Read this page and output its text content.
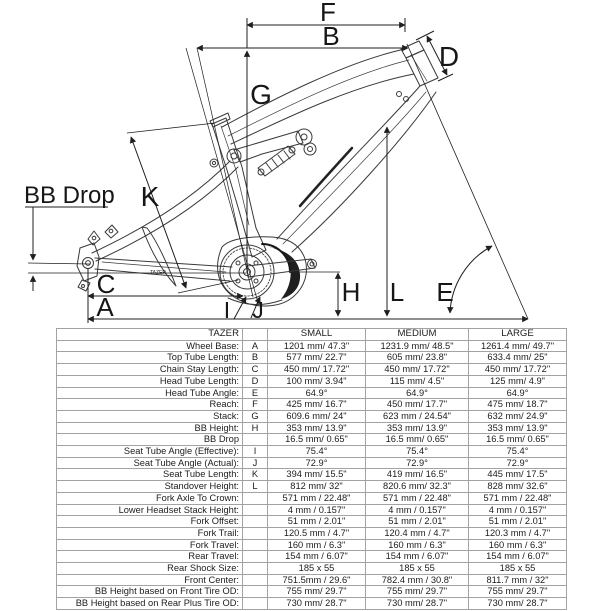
TAZER
F
B
G
D
K
BB Drop
C
A	I J
H L E
TAZER		SMALL	MEDIUM	LARGE
Wheel Base:	A	1201 mm/ 47.3"	1231.9 mm/ 48.5"	1261.4 mm/ 49.7"
Top Tube Length:	B	577 mm/ 22.7"	605 mm/ 23.8"	633.4 mm/ 25"
Chain Stay Length:	C	450 mm/ 17.72"	450 mm/ 17.72"	450 mm/ 17.72"
Head Tube Length:	D	100 mm/ 3.94"	115 mm/ 4.5"	125 mm/ 4.9"
Head Tube Angle:	E	64.9°	64.9°	64.9°
Reach:	F	425 mm/ 16.7"	450 mm/ 17.7"	475 mm/ 18.7"
Stack:	G	609.6 mm/ 24"	623 mm / 24.54"	632 mm/ 24.9"
BB Height:	H	353 mm/ 13.9"	353 mm/ 13.9"	353 mm/ 13.9"
BB Drop		16.5 mm/ 0.65"	16.5 mm/ 0.65"	16.5 mm/ 0.65"
Seat Tube Angle (Effective):	I	75.4°	75.4°	75.4°
Seat Tube Angle (Actual):	J	72.9°	72.9°	72.9°
Seat Tube Length:	K	394 mm/ 15.5"	419 mm/ 16.5"	445 mm/ 17.5"
Standover Height:	L	812 mm/ 32"	820.6 mm/ 32.3"	828 mm/ 32.6"
Fork Axle To Crown:		571 mm / 22.48"	571 mm / 22.48"	571 mm / 22.48"
Lower Headset Stack Height:		4 mm / 0.157"	4 mm / 0.157"	4 mm / 0.157"
Fork Offset:		51 mm / 2.01"	51 mm / 2.01"	51 mm / 2.01"
Fork Trail:		120.5 mm / 4.7"	120.4 mm / 4.7"	120.3 mm / 4.7"
Fork Travel:		160 mm / 6.3"	160 mm / 6.3"	160 mm / 6.3"
Rear Travel:		154 mm / 6.07"	154 mm / 6.07"	154 mm / 6.07"
Rear Shock Size:		185 x 55	185 x 55	185 x 55
Front Center:		751.5mm / 29.6"	782.4 mm / 30.8"	811.7 mm / 32"
BB Height based on Front Tire OD:		755 mm/ 29.7"	755 mm/ 29.7"	755 mm/ 29.7"
BB Height based on Rear Plus Tire OD:		730 mm/ 28.7"	730 mm/ 28.7"	730 mm/ 28.7"
